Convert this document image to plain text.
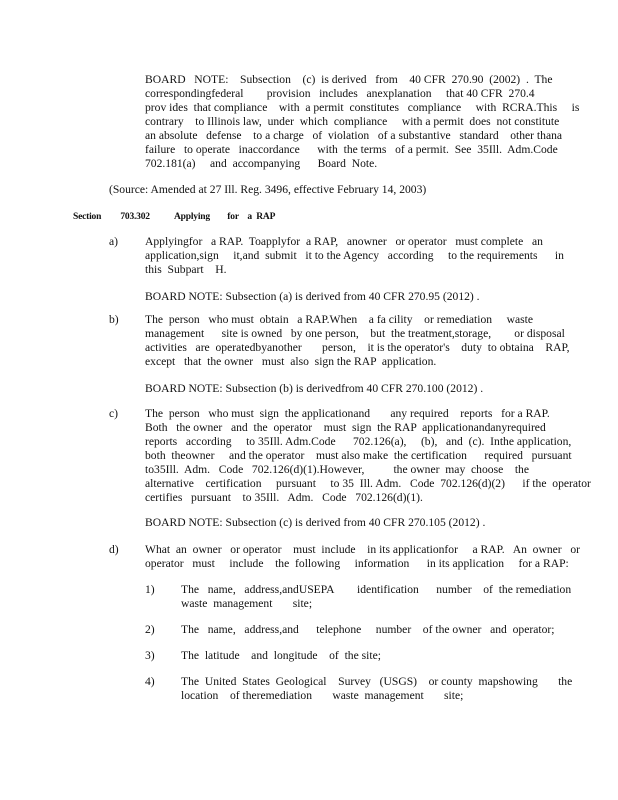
BOARD   NOTE:    Subsection    (c)  is derived   from    40 CFR  270.90  (2002)  .  The
correspondingfederal        provision   includes   anexplanation     that 40 CFR  270.4
prov ides  that compliance    with  a permit  constitutes   compliance     with  RCRA.This     is
contrary    to Illinois law,  under  which  compliance     with a permit  does  not constitute
an absolute   defense    to a charge   of  violation   of a substantive   standard    other thana
failure   to operate   inaccordance      with  the terms   of a permit.  See  35Ill.  Adm.Code
702.181(a)     and  accompanying      Board  Note.
(Source: Amended at 27 Ill. Reg. 3496, effective February 14, 2003)
Section 703.302	Applying        for    a  RAP
a) Applyingfor   a RAP.  Toapplyfor  a RAP,   anowner   or operator   must complete   an
application,sign     it,and  submit   it to the Agency   according     to the requirements      in
this  Subpart    H.
BOARD NOTE: Subsection (a) is derived from 40 CFR 270.95 (2012) .
b) The  person   who must  obtain   a RAP.When    a fa cility    or remediation     waste
management      site is owned   by one person,    but  the treatment,storage,        or disposal
activities   are  operatedbyanother       person,    it is the operator's    duty  to obtaina    RAP,
except   that  the owner   must  also  sign the RAP  application.
BOARD NOTE: Subsection (b) is derivedfrom 40 CFR 270.100 (2012) .
c) The  person   who must  sign  the applicationand       any required    reports   for a RAP.
Both   the owner   and  the  operator    must  sign  the RAP  applicationandanyrequired
reports   according     to 35Ill. Adm.Code      702.126(a),     (b),   and  (c).  Inthe application,
both  theowner     and the operator    must also make  the certification      required   pursuant
to35Ill.  Adm.   Code   702.126(d)(1).However,          the owner  may  choose    the
alternative    certification     pursuant     to 35  Ill. Adm.   Code  702.126(d)(2)      if the  operator
certifies   pursuant    to 35Ill.   Adm.   Code   702.126(d)(1).
BOARD NOTE: Subsection (c) is derived from 40 CFR 270.105 (2012) .
d) What  an  owner   or operator    must  include    in its applicationfor     a RAP.   An  owner   or
operator   must     include    the  following     information      in its application     for a RAP:
1) The   name,   address,andUSEPA        identification      number    of  the remediation
waste  management       site;
2) The   name,   address,and      telephone     number    of the owner   and  operator;
3) The  latitude    and  longitude    of  the site;
4) The  United  States  Geological    Survey   (USGS)    or county  mapshowing       the
location    of theremediation       waste  management       site;
